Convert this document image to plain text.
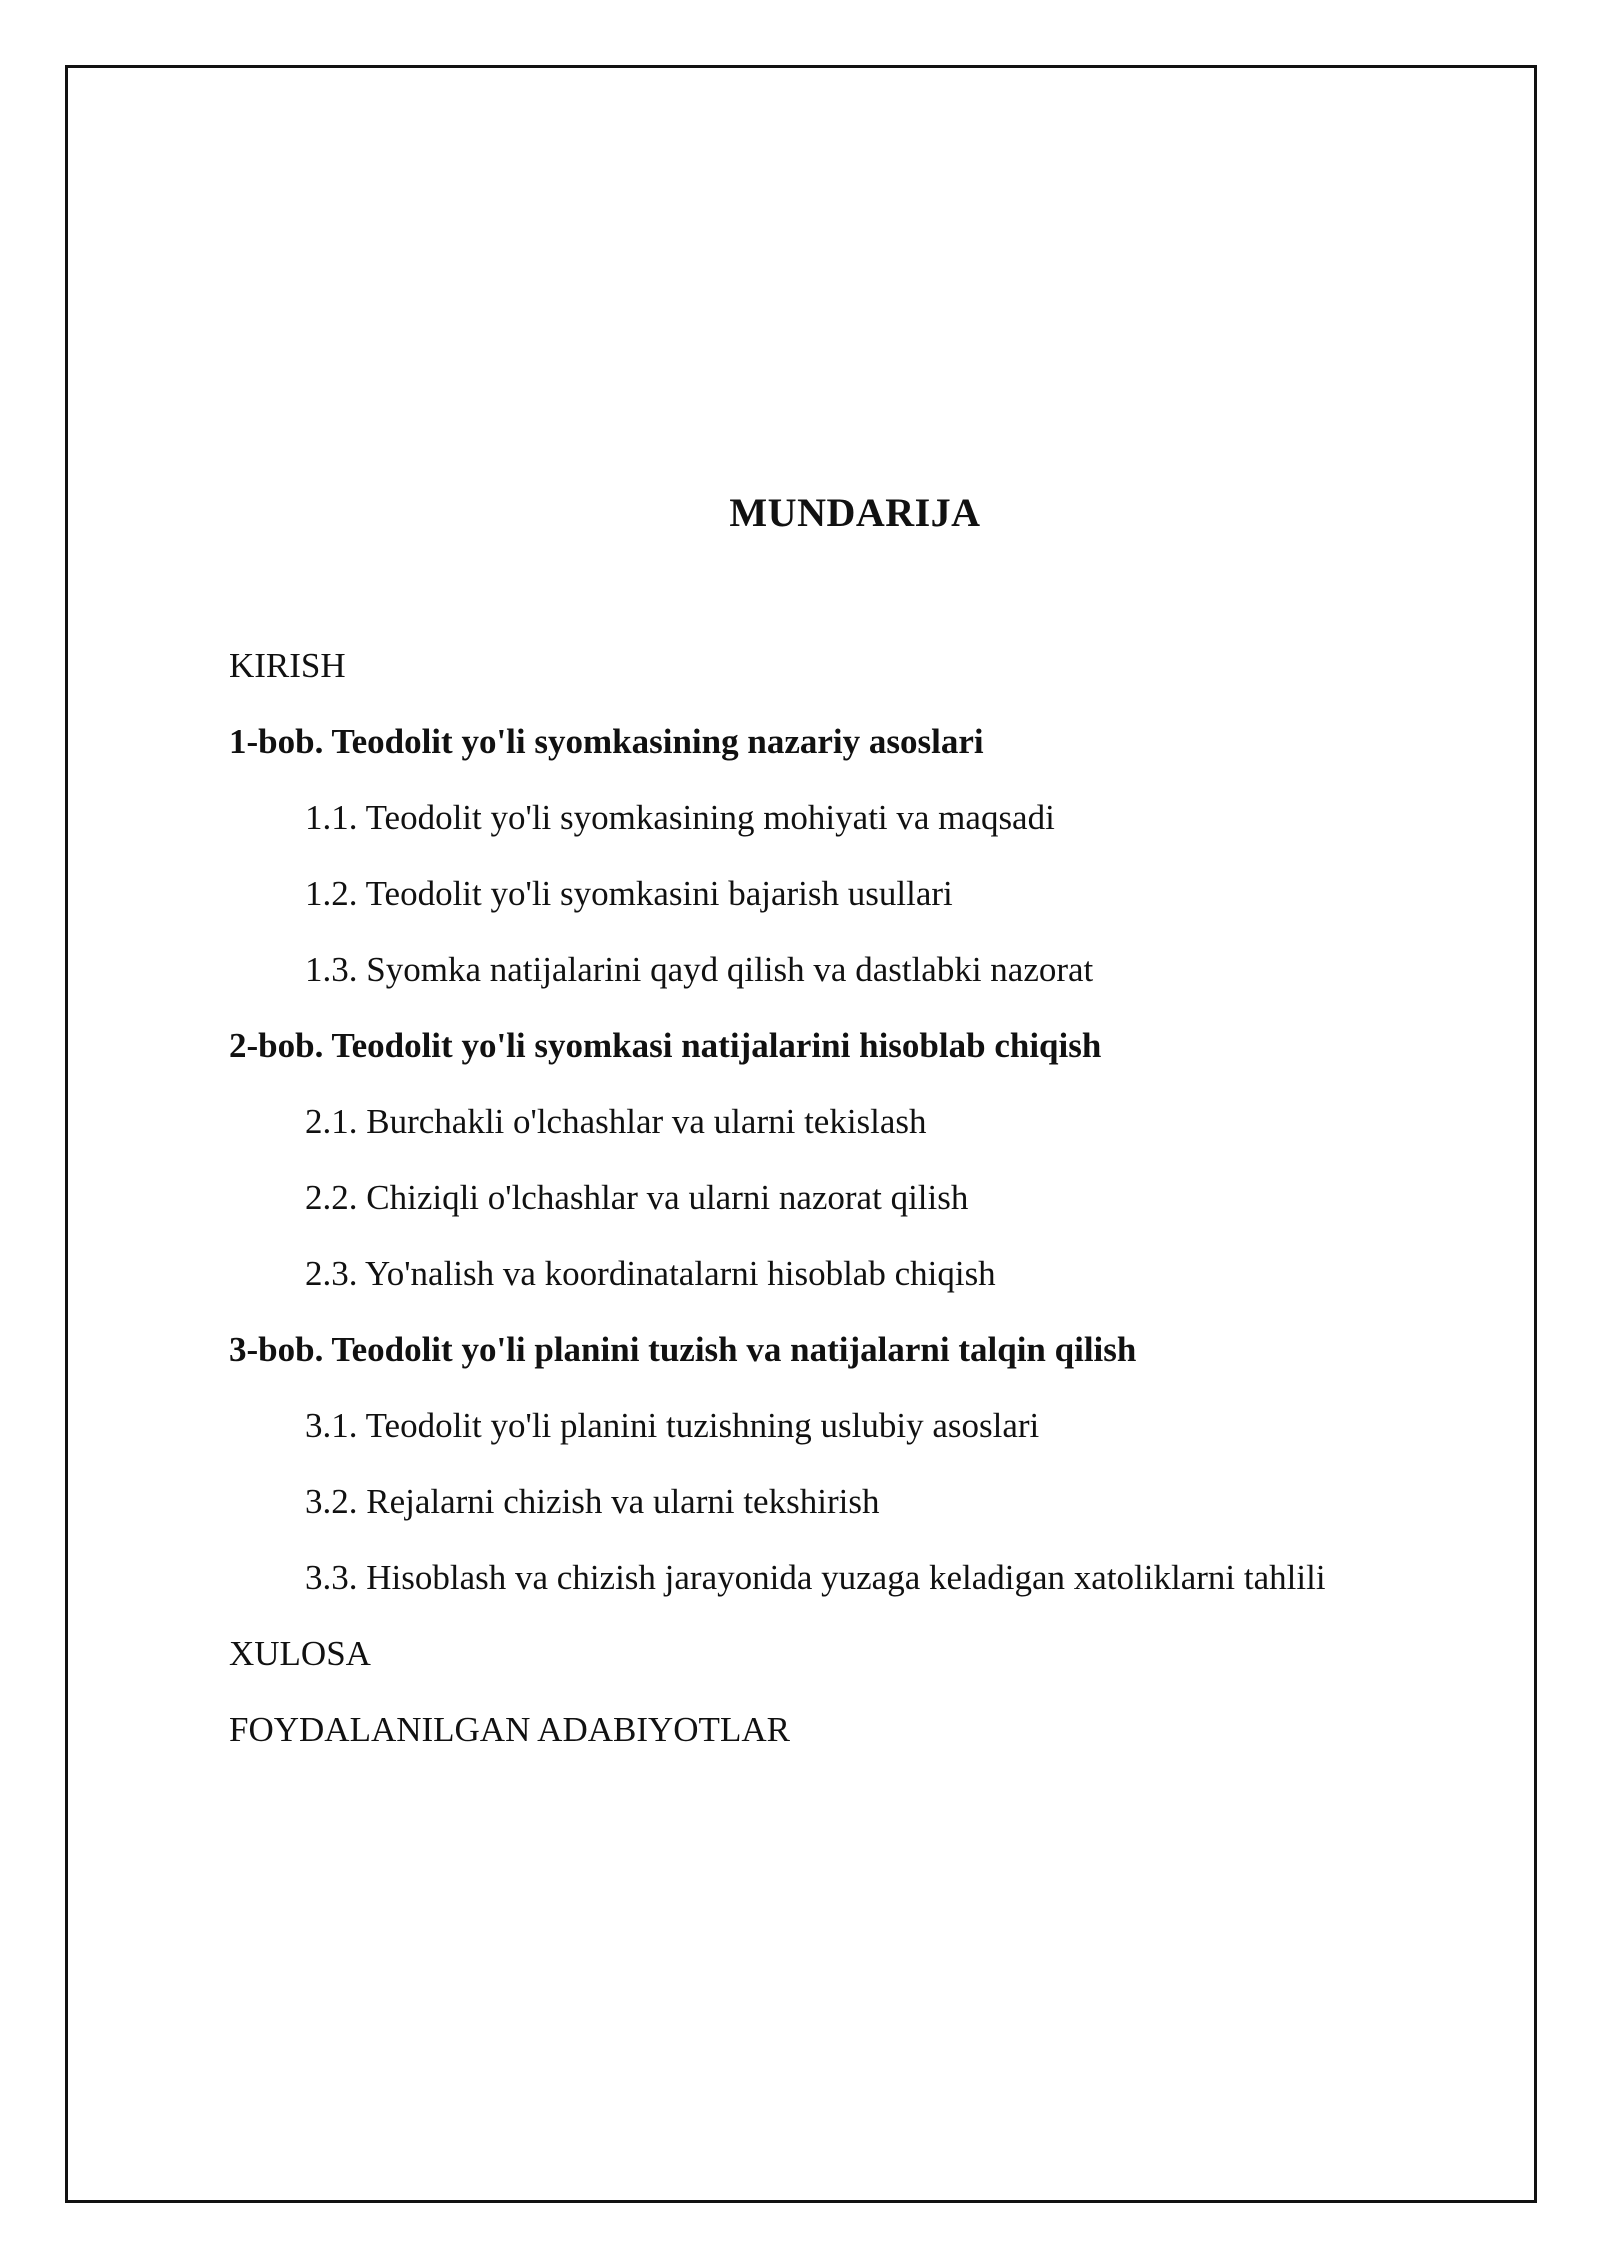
MUNDARIJA
KIRISH
1-bob. Teodolit yo'li syomkasining nazariy asoslari
1.1. Teodolit yo'li syomkasining mohiyati va maqsadi
1.2. Teodolit yo'li syomkasini bajarish usullari
1.3. Syomka natijalarini qayd qilish va dastlabki nazorat
2-bob. Teodolit yo'li syomkasi natijalarini hisoblab chiqish
2.1. Burchakli o'lchashlar va ularni tekislash
2.2. Chiziqli o'lchashlar va ularni nazorat qilish
2.3. Yo'nalish va koordinatalarni hisoblab chiqish
3-bob. Teodolit yo'li planini tuzish va natijalarni talqin qilish
3.1. Teodolit yo'li planini tuzishning uslubiy asoslari
3.2. Rejalarni chizish va ularni tekshirish
3.3. Hisoblash va chizish jarayonida yuzaga keladigan xatoliklarni tahlili
XULOSA
FOYDALANILGAN ADABIYOTLAR
